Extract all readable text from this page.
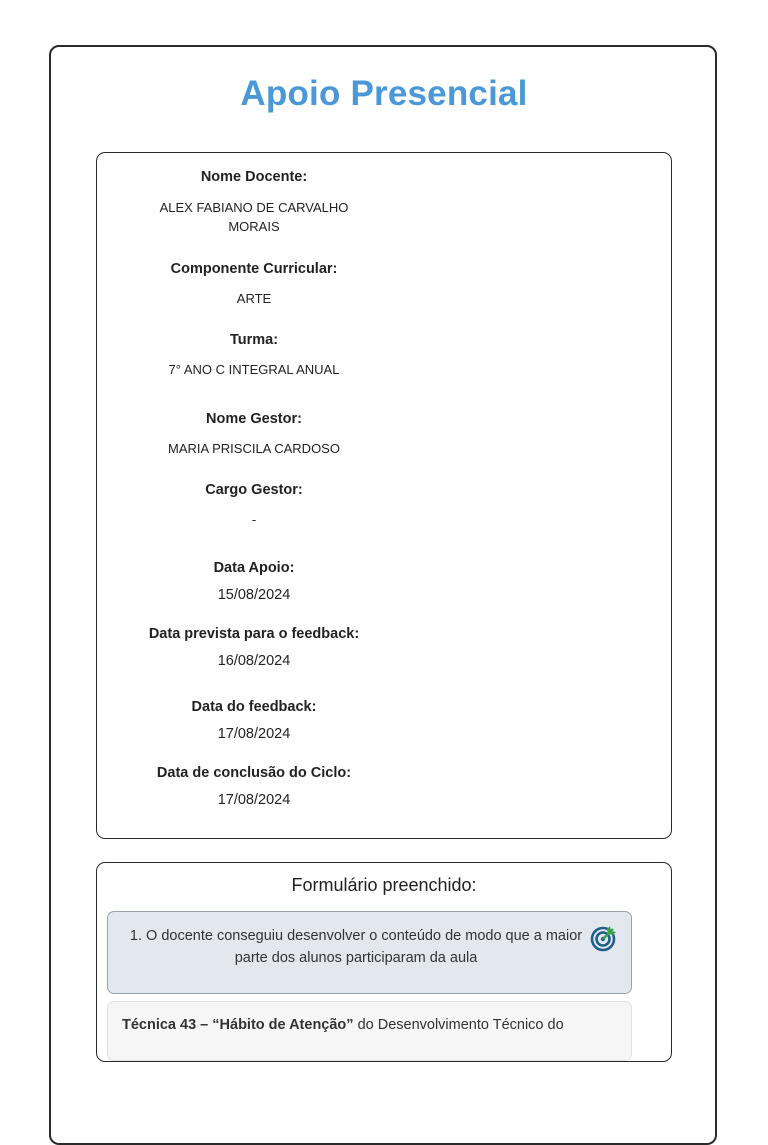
Apoio Presencial
Nome Docente:
ALEX FABIANO DE CARVALHO MORAIS
Componente Curricular:
ARTE
Turma:
7° ANO C INTEGRAL ANUAL
Nome Gestor:
MARIA PRISCILA CARDOSO
Cargo Gestor:
-
Data Apoio:
15/08/2024
Data prevista para o feedback:
16/08/2024
Data do feedback:
17/08/2024
Data de conclusão do Ciclo:
17/08/2024
Formulário preenchido:
1. O docente conseguiu desenvolver o conteúdo de modo que a maior parte dos alunos participaram da aula
Técnica 43 – “Hábito de Atenção” do Desenvolvimento Técnico do
